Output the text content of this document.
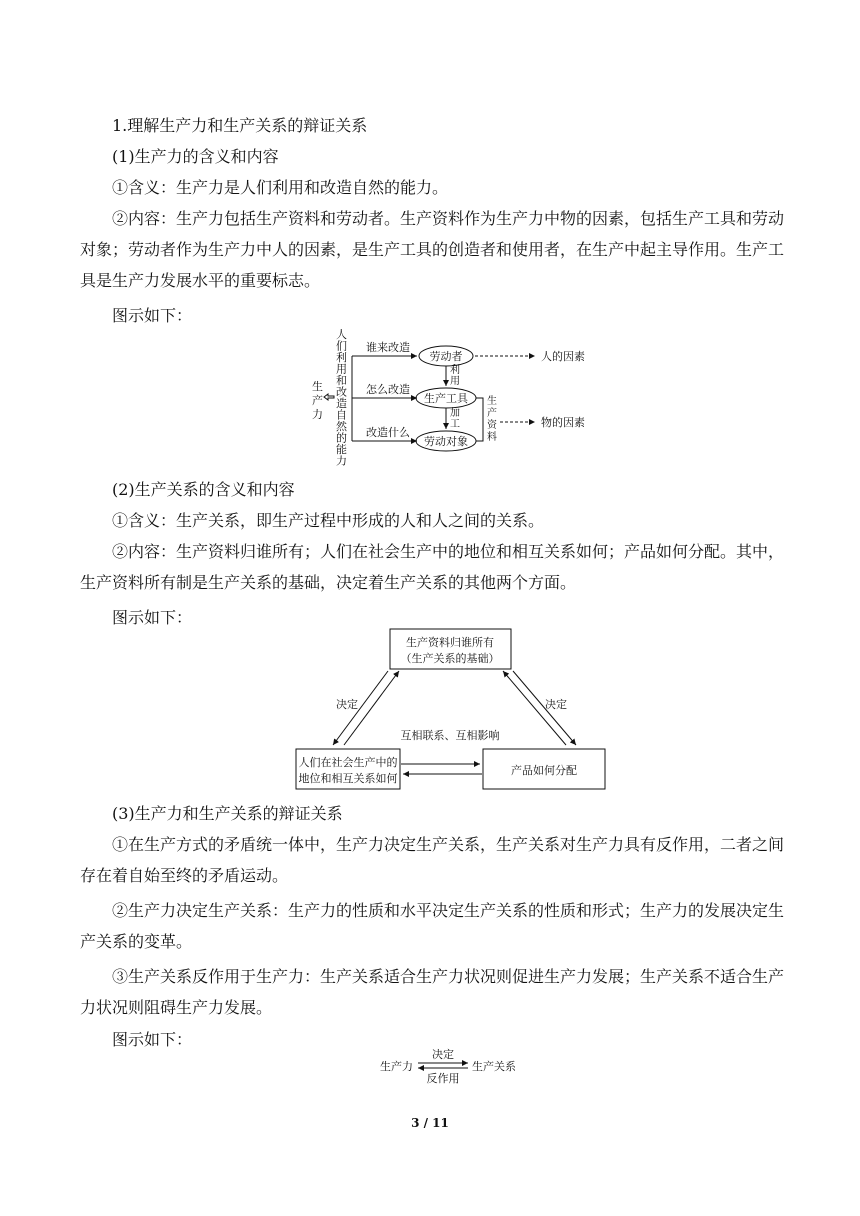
1.理解生产力和生产关系的辩证关系

(1)生产力的含义和内容

①含义：生产力是人们利用和改造自然的能力。

②内容：生产力包括生产资料和劳动者。生产资料作为生产力中物的因素，包括生产工具和劳动对象；劳动者作为生产力中人的因素，是生产工具的创造者和使用者，在生产中起主导作用。生产工具是生产力发展水平的重要标志。

图示如下：

生
产
力
人
们
利
用
和
改
造
自
然
的
能
力
谁来改造
怎么改造
改造什么
劳动者
生产工具
劳动对象
利
用
加
工
生
产
资
料
人的因素
物的因素

(2)生产关系的含义和内容

①含义：生产关系，即生产过程中形成的人和人之间的关系。

②内容：生产资料归谁所有；人们在社会生产中的地位和相互关系如何；产品如何分配。其中，生产资料所有制是生产关系的基础，决定着生产关系的其他两个方面。

图示如下：

生产资料归谁所有
（生产关系的基础）
人们在社会生产中的
地位和相互关系如何
产品如何分配
决定	决定
互相联系、互相影响

(3)生产力和生产关系的辩证关系

①在生产方式的矛盾统一体中，生产力决定生产关系，生产关系对生产力具有反作用，二者之间存在着自始至终的矛盾运动。

②生产力决定生产关系：生产力的性质和水平决定生产关系的性质和形式；生产力的发展决定生产关系的变革。

③生产关系反作用于生产力：生产关系适合生产力状况则促进生产力发展；生产关系不适合生产力状况则阻碍生产力发展。

图示如下：

生产力	生产关系
决定
反作用
3 / 11
